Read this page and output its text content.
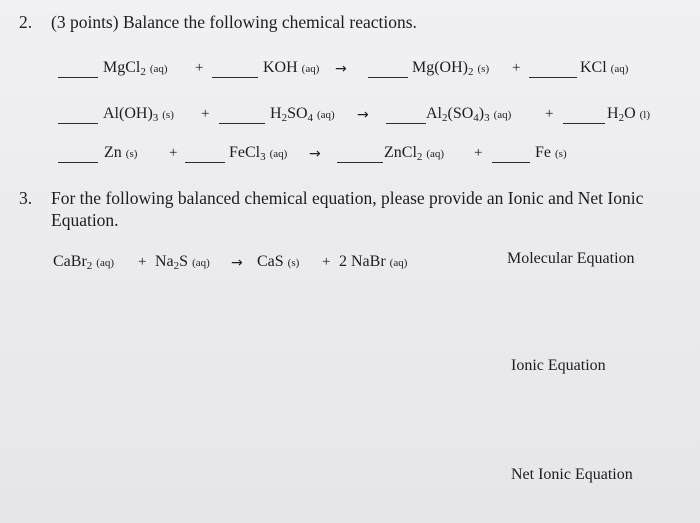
2. (3 points) Balance the following chemical reactions.
MgCl2 (aq) +	KOH (aq) →	Mg(OH)2 (s) +	KCl (aq)
Al(OH)3 (s) +	H2SO4 (aq) →	Al2(SO4)3 (aq) +	H2O (l)
Zn (s) +	FeCl3 (aq) →	ZnCl2 (aq) +	Fe (s)
3. For the following balanced chemical equation, please provide an Ionic and Net Ionic
Equation.
CaBr2 (aq) + Na2S (aq) → CaS (s) + 2 NaBr (aq)	Molecular Equation
Ionic Equation
Net Ionic Equation
